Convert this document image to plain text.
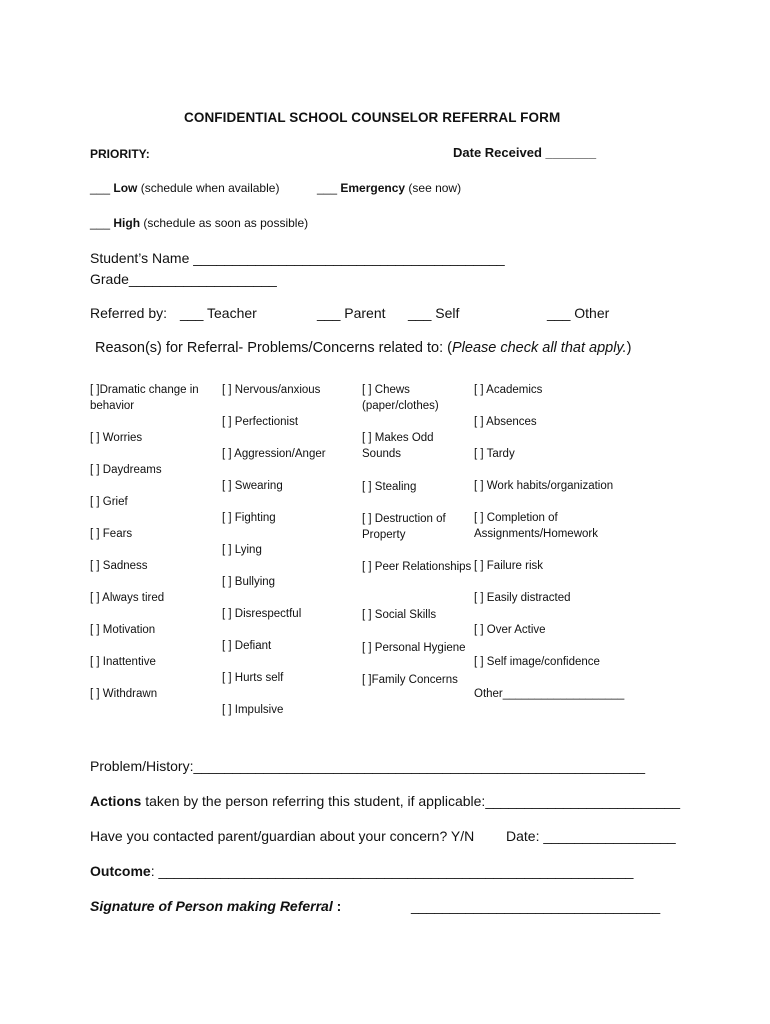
CONFIDENTIAL SCHOOL COUNSELOR REFERRAL FORM
PRIORITY:	Date Received _______
___ Low (schedule when available)	___ Emergency (see now)
___ High (schedule as soon as possible)
Student’s Name ________________________________________
Grade___________________
Referred by: ___ Teacher	___ Parent ___ Self	___ Other
Reason(s) for Referral- Problems/Concerns related to: (Please check all that apply.)
[ ]Dramatic change in behavior
[ ] Worries
[ ] Daydreams
[ ] Grief
[ ] Fears
[ ] Sadness
[ ] Always tired
[ ] Motivation
[ ] Inattentive
[ ] Withdrawn
[ ] Nervous/anxious
[ ] Perfectionist
[ ] Aggression/Anger
[ ] Swearing
[ ] Fighting
[ ] Lying
[ ] Bullying
[ ] Disrespectful
[ ] Defiant
[ ] Hurts self
[ ] Impulsive
[ ] Chews (paper/clothes)
[ ] Makes Odd Sounds
[ ] Stealing
[ ] Destruction of Property
[ ] Peer Relationships
[ ] Social Skills
[ ] Personal Hygiene
[ ]Family Concerns
[ ] Academics
[ ] Absences
[ ] Tardy
[ ] Work habits/organization
[ ] Completion of Assignments/Homework
[ ] Failure risk
[ ] Easily distracted
[ ] Over Active
[ ] Self image/confidence
Other___________________
Problem/History:__________________________________________________________
Actions taken by the person referring this student, if applicable:_________________________
Have you contacted parent/guardian about your concern? Y/N Date: _________________
Outcome: _____________________________________________________________
Signature of Person making Referral :	________________________________
